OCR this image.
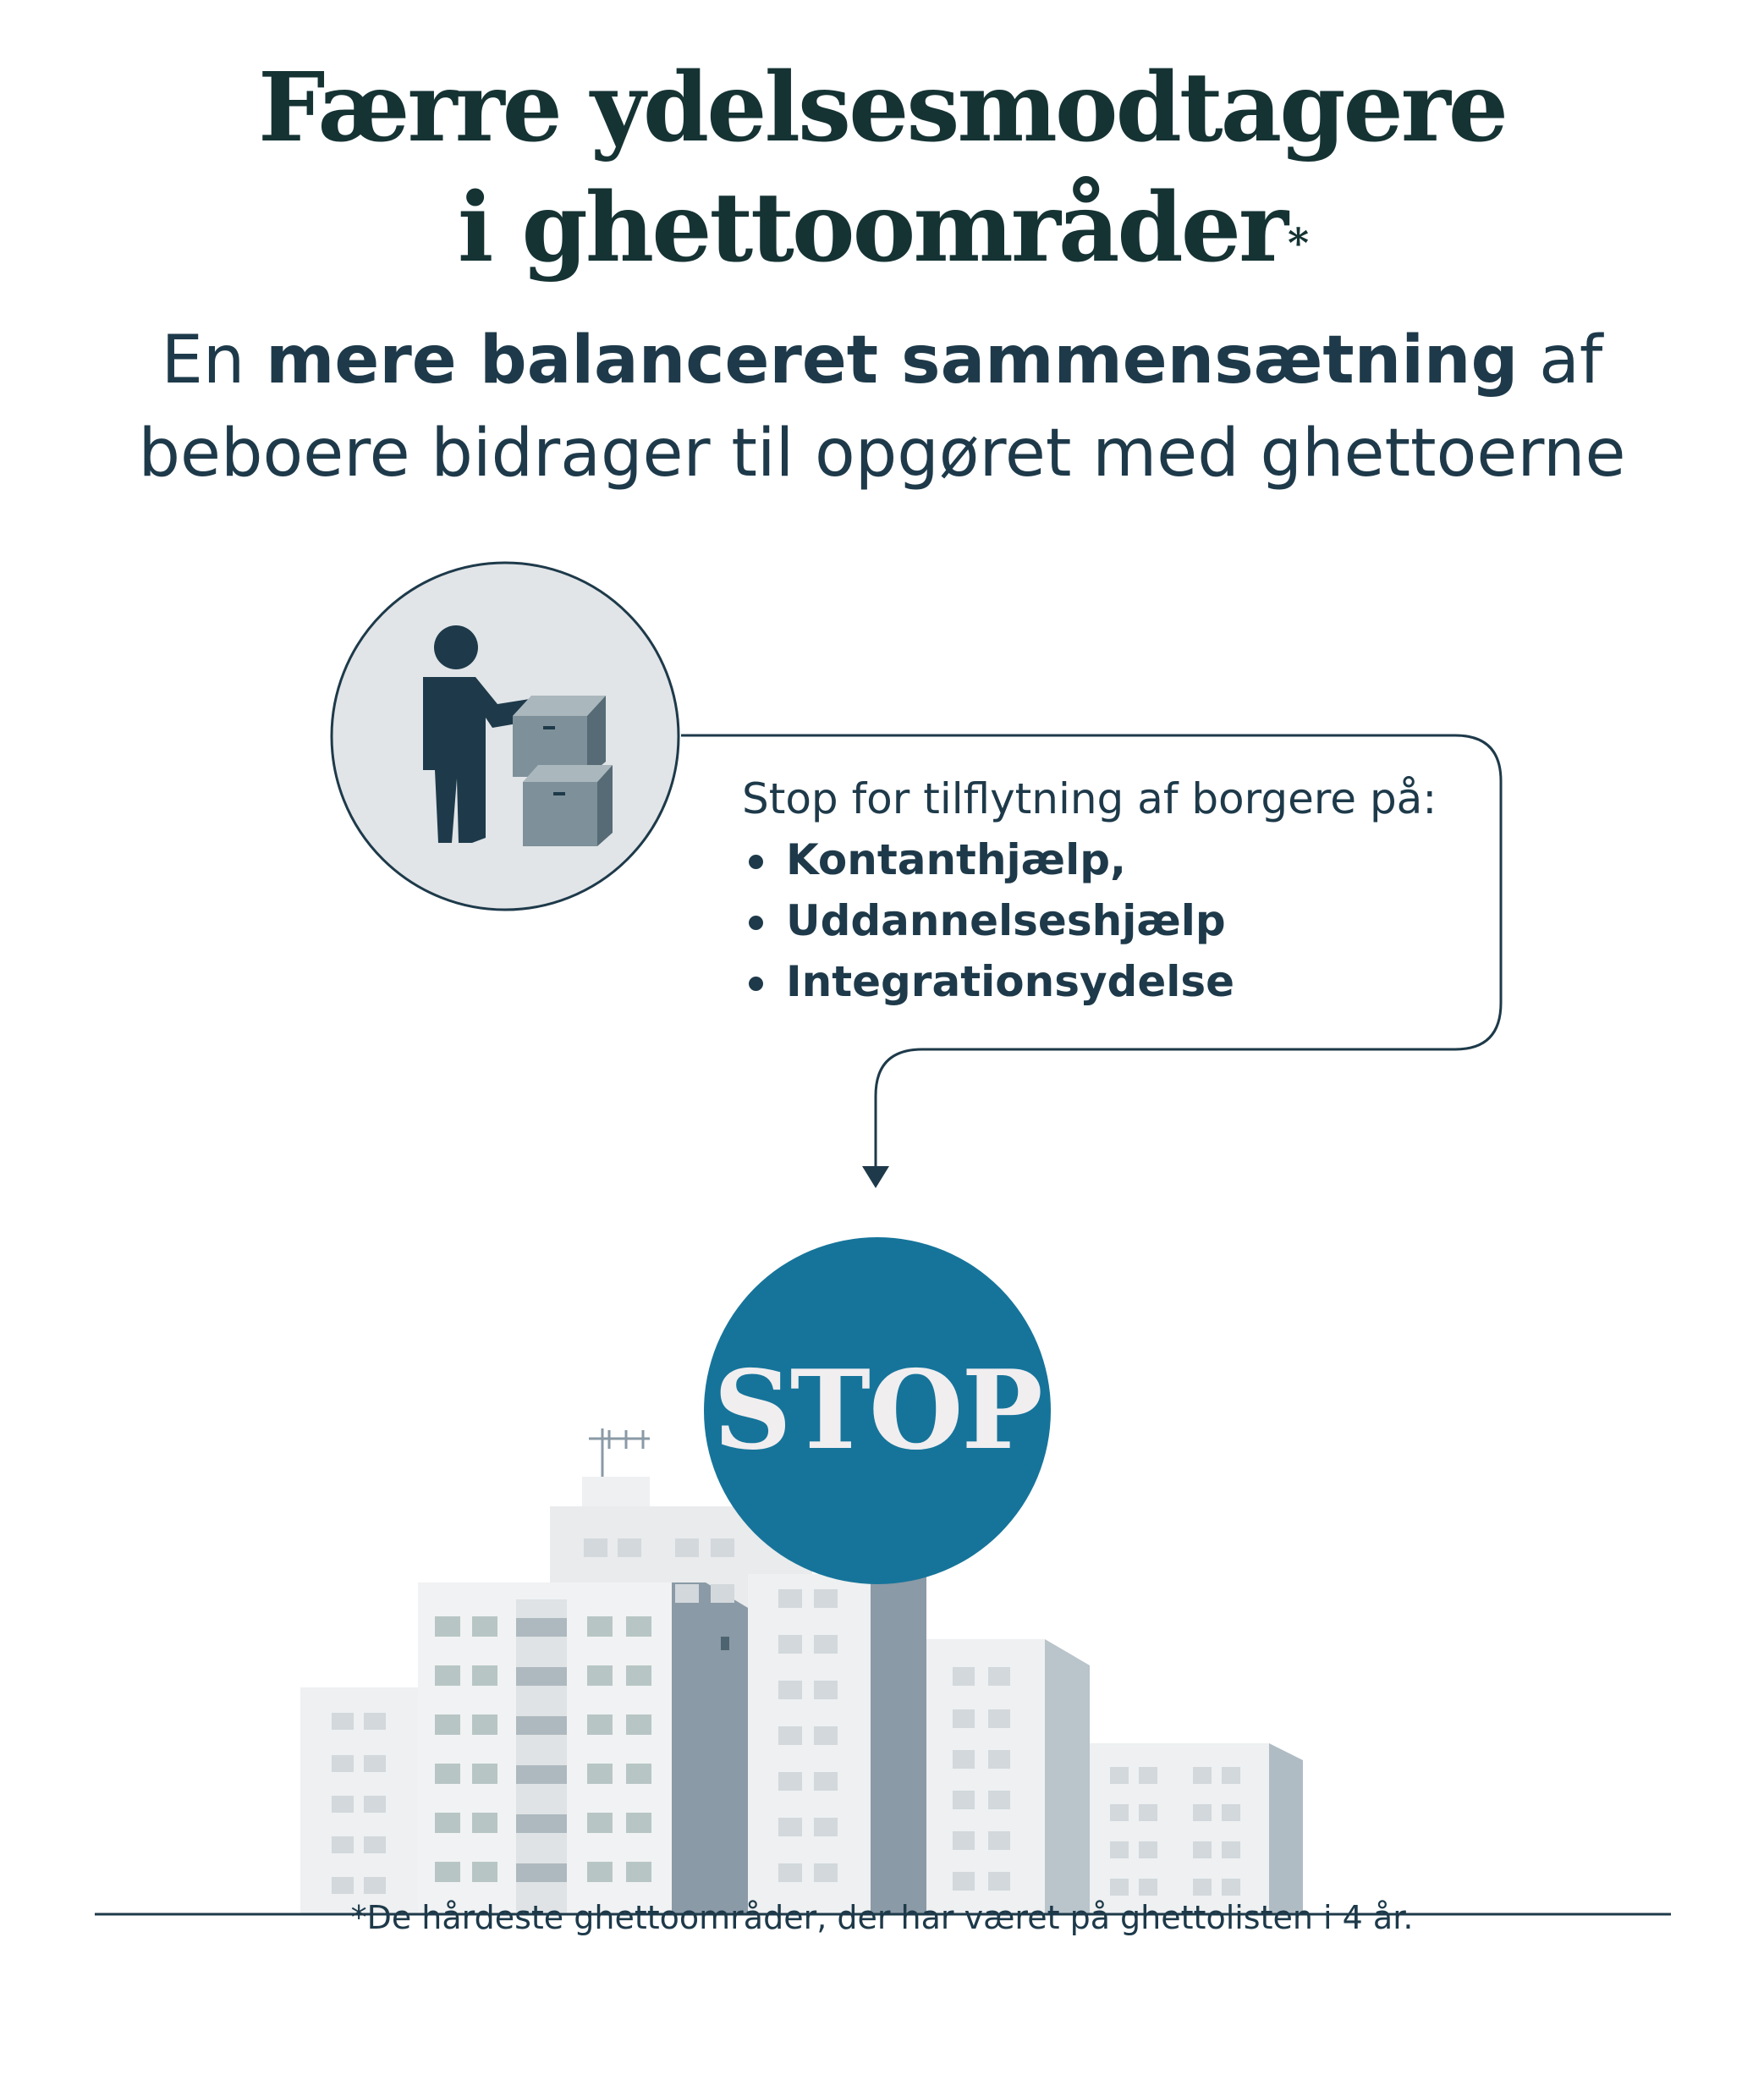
Færre ydelsesmodtagere
i ghettoområder*
En mere balanceret sammensætning af
beboere bidrager til opgøret med ghettoerne
Stop for tilflytning af borgere på:
Kontanthjælp,
Uddannelseshjælp
Integrationsydelse
STOP
*De hårdeste ghettoområder, der har været på ghettolisten i 4 år.
